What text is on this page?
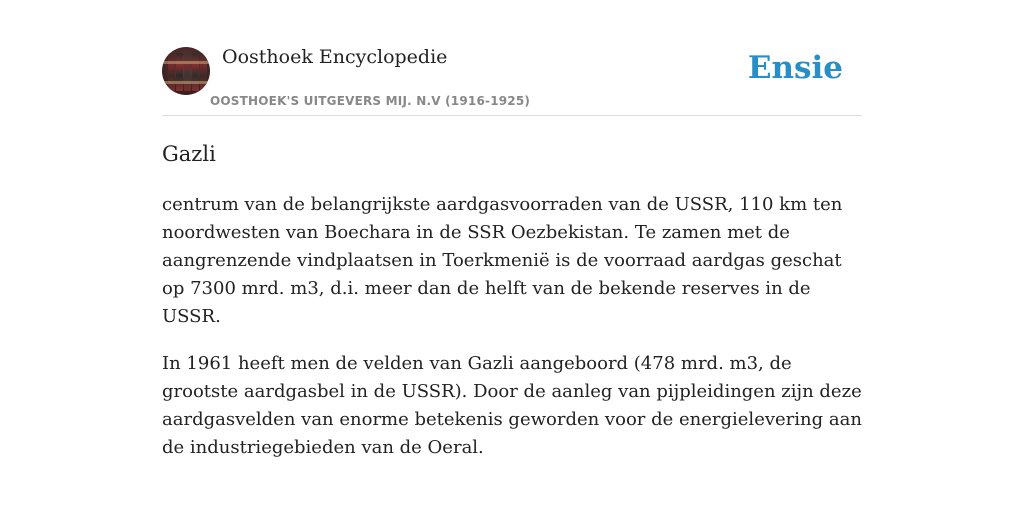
Oosthoek Encyclopedie
OOSTHOEK'S UITGEVERS MIJ. N.V (1916-1925)
Ensie
Gazli

centrum van de belangrijkste aardgasvoorraden van de USSR, 110 km ten noordwesten van Boechara in de SSR Oezbekistan. Te zamen met de aangrenzende vindplaatsen in Toerkmenië is de voorraad aardgas geschat op 7300 mrd. m3, d.i. meer dan de helft van de bekende reserves in de USSR.

In 1961 heeft men de velden van Gazli aangeboord (478 mrd. m3, de grootste aardgasbel in de USSR). Door de aanleg van pijpleidingen zijn deze aardgasvelden van enorme betekenis geworden voor de energielevering aan de industriegebieden van de Oeral.
